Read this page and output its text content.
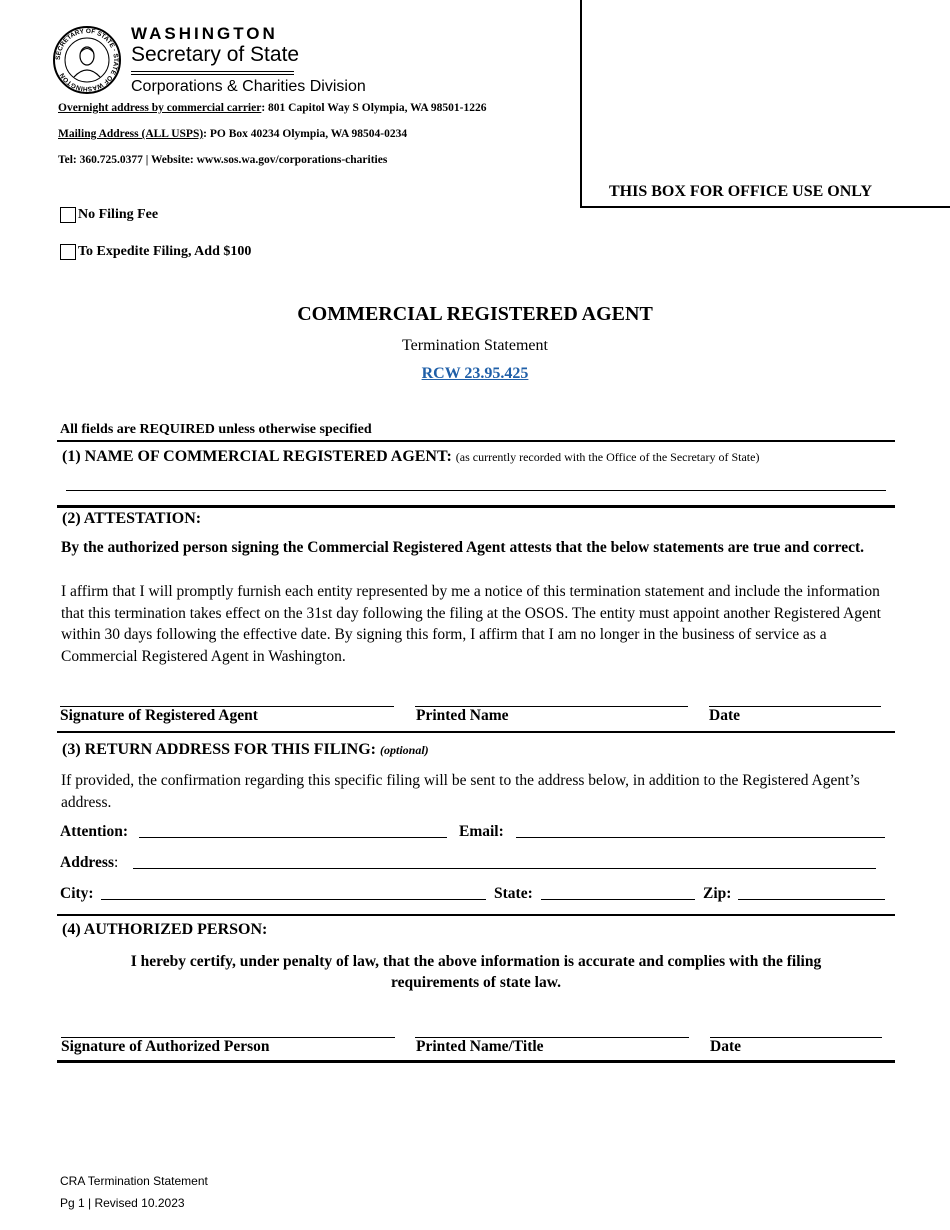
SECRETARY OF STATE · STATE OF WASHINGTON
WASHINGTON
Secretary of State
Corporations & Charities Division
Overnight address by commercial carrier: 801 Capitol Way S Olympia, WA 98501-1226
Mailing Address (ALL USPS): PO Box 40234 Olympia, WA 98504-0234
Tel: 360.725.0377 | Website: www.sos.wa.gov/corporations-charities
THIS BOX FOR OFFICE USE ONLY
No Filing Fee
To Expedite Filing, Add $100
COMMERCIAL REGISTERED AGENT
Termination Statement
RCW 23.95.425
All fields are REQUIRED unless otherwise specified
(1) NAME OF COMMERCIAL REGISTERED AGENT: (as currently recorded with the Office of the Secretary of State)
(2) ATTESTATION:
By the authorized person signing the Commercial Registered Agent attests that the below statements are true and correct.
I affirm that I will promptly furnish each entity represented by me a notice of this termination statement and include the information that this termination takes effect on the 31st day following the filing at the OSOS. The entity must appoint another Registered Agent within 30 days following the effective date. By signing this form, I affirm that I am no longer in the business of service as a Commercial Registered Agent in Washington.
Signature of Registered Agent	Printed Name	Date
(3) RETURN ADDRESS FOR THIS FILING: (optional)
If provided, the confirmation regarding this specific filing will be sent to the address below, in addition to the Registered Agent’s address.
Attention:	Email:
Address:
City:	State:	Zip:
(4) AUTHORIZED PERSON:
I hereby certify, under penalty of law, that the above information is accurate and complies with the filing requirements of state law.
Signature of Authorized Person	Printed Name/Title	Date
CRA Termination Statement
Pg 1 | Revised 10.2023
